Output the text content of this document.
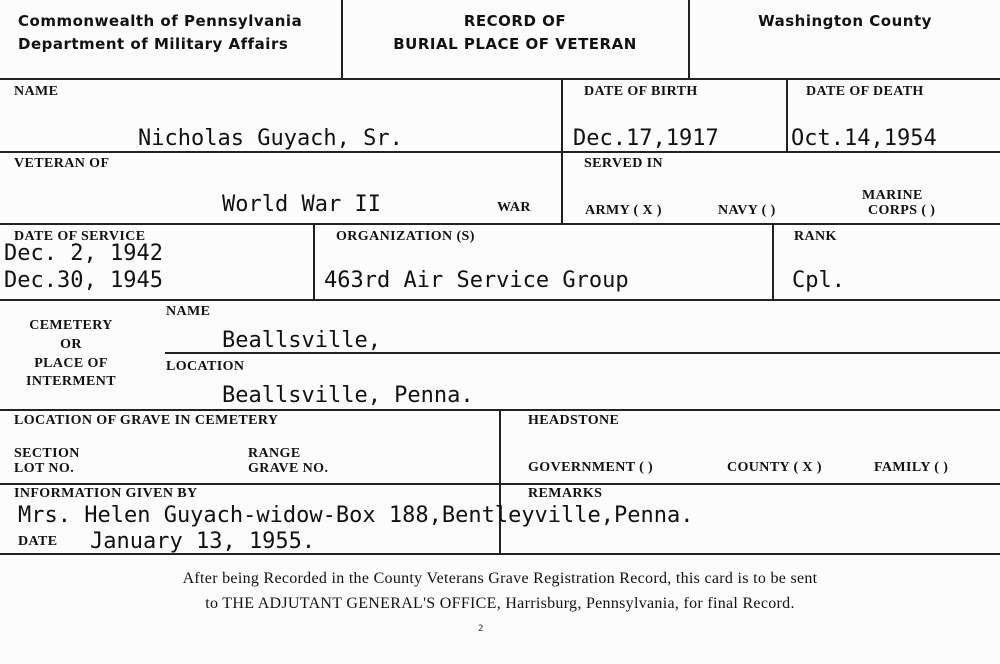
Commonwealth of Pennsylvania
Department of Military Affairs
RECORD OF
BURIAL PLACE OF VETERAN
Washington County
NAME	DATE OF BIRTH	DATE OF DEATH
Nicholas Guyach, Sr.	Dec.17,1917	Oct.14,1954
VETERAN OF
World War II	WAR
SERVED IN
ARMY ( X )	NAVY ( )
MARINE
CORPS ( )
DATE OF SERVICE
Dec. 2, 1942
Dec.30, 1945
ORGANIZATION (S)
463rd Air Service Group
RANK
Cpl.
CEMETERY
OR
PLACE OF
INTERMENT
NAME
Beallsville,
LOCATION
Beallsville, Penna.
LOCATION OF GRAVE IN CEMETERY
SECTION
LOT NO.
RANGE
GRAVE NO.
HEADSTONE
GOVERNMENT ( )	COUNTY ( X )	FAMILY ( )
INFORMATION GIVEN BY	REMARKS
Mrs. Helen Guyach-widow-Box 188,Bentleyville,Penna.
DATE January 13, 1955.
After being Recorded in the County Veterans Grave Registration Record, this card is to be sent
to THE ADJUTANT GENERAL'S OFFICE, Harrisburg, Pennsylvania, for final Record.
2
